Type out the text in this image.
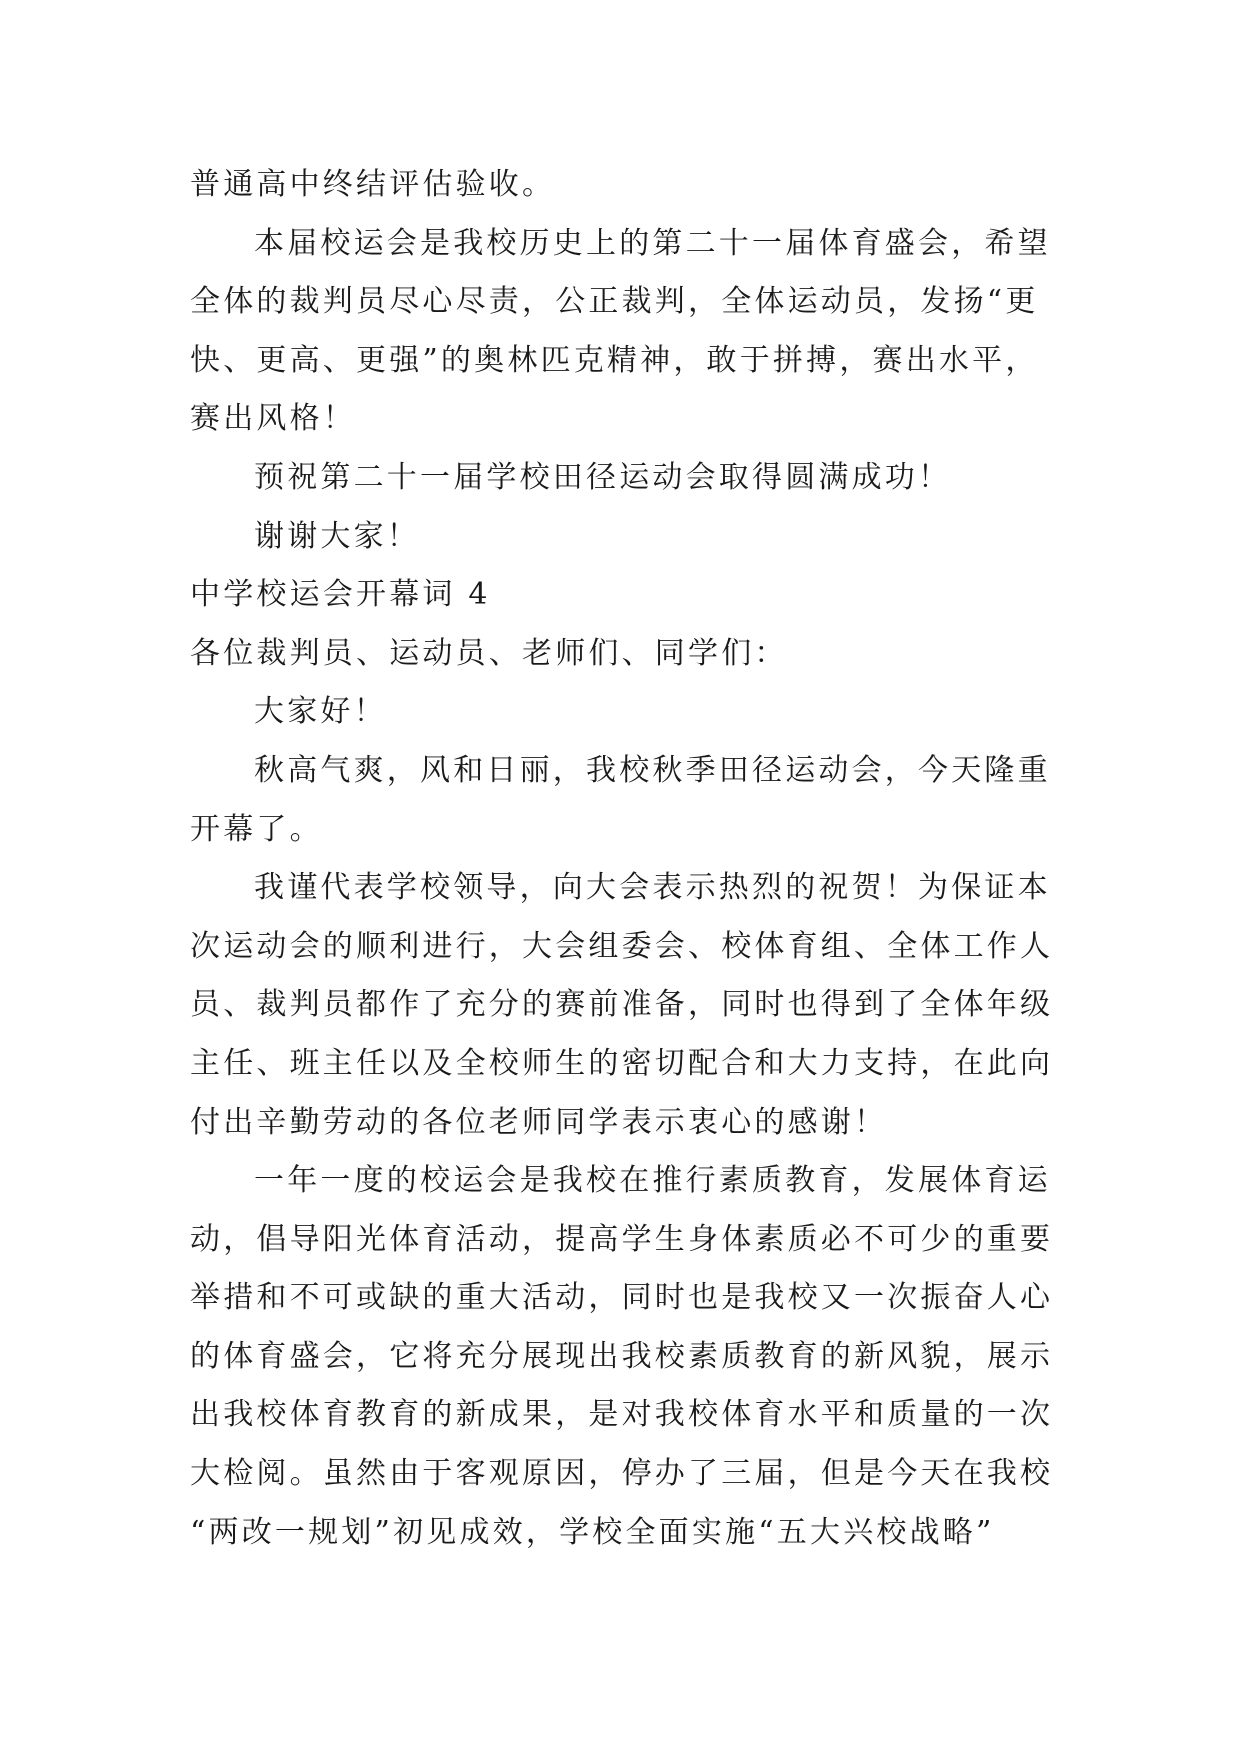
普通高中终结评估验收。
本届校运会是我校历史上的第二十一届体育盛会，希望
全体的裁判员尽心尽责，公正裁判，全体运动员，发扬“更
快、更高、更强”的奥林匹克精神，敢于拼搏，赛出水平，
赛出风格！
预祝第二十一届学校田径运动会取得圆满成功！
谢谢大家！
中学校运会开幕词 4
各位裁判员、运动员、老师们、同学们：
大家好！
秋高气爽，风和日丽，我校秋季田径运动会，今天隆重
开幕了。
我谨代表学校领导，向大会表示热烈的祝贺！为保证本
次运动会的顺利进行，大会组委会、校体育组、全体工作人
员、裁判员都作了充分的赛前准备，同时也得到了全体年级
主任、班主任以及全校师生的密切配合和大力支持，在此向
付出辛勤劳动的各位老师同学表示衷心的感谢！
一年一度的校运会是我校在推行素质教育，发展体育运
动，倡导阳光体育活动，提高学生身体素质必不可少的重要
举措和不可或缺的重大活动，同时也是我校又一次振奋人心
的体育盛会，它将充分展现出我校素质教育的新风貌，展示
出我校体育教育的新成果，是对我校体育水平和质量的一次
大检阅。虽然由于客观原因，停办了三届，但是今天在我校
“两改一规划”初见成效，学校全面实施“五大兴校战略”
